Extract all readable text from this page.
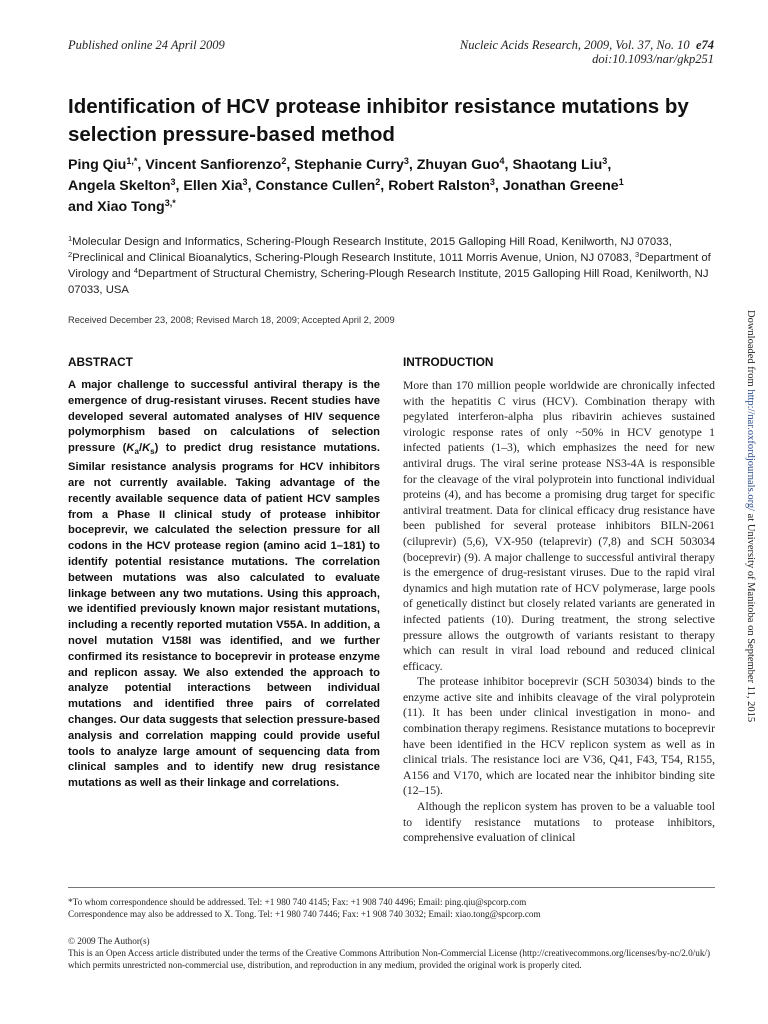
Published online 24 April 2009	Nucleic Acids Research, 2009, Vol. 37, No. 10 e74
doi:10.1093/nar/gkp251
Identification of HCV protease inhibitor resistance mutations by selection pressure-based method
Ping Qiu$^{1,*}$, Vincent Sanfiorenzo$^2$, Stephanie Curry$^3$, Zhuyan Guo$^4$, Shaotang Liu$^3$,
Angela Skelton$^3$, Ellen Xia$^3$, Constance Cullen$^2$, Robert Ralston$^3$, Jonathan Greene$^1$
and Xiao Tong$^{3,*}$
$^1$Molecular Design and Informatics, Schering-Plough Research Institute, 2015 Galloping Hill Road, Kenilworth, NJ 07033, $^2$Preclinical and Clinical Bioanalytics, Schering-Plough Research Institute, 1011 Morris Avenue, Union, NJ 07083, $^3$Department of Virology and $^4$Department of Structural Chemistry, Schering-Plough Research Institute, 2015 Galloping Hill Road, Kenilworth, NJ 07033, USA
Received December 23, 2008; Revised March 18, 2009; Accepted April 2, 2009
ABSTRACT
A major challenge to successful antiviral therapy is the emergence of drug-resistant viruses. Recent studies have developed several automated analyses of HIV sequence polymorphism based on calculations of selection pressure $(K_a/K_s)$ to predict drug resistance mutations. Similar resistance analysis programs for HCV inhibitors are not currently available. Taking advantage of the recently available sequence data of patient HCV samples from a Phase II clinical study of protease inhibitor boceprevir, we calculated the selection pressure for all codons in the HCV protease region (amino acid 1–181) to identify potential resistance mutations. The correlation between mutations was also calculated to evaluate linkage between any two mutations. Using this approach, we identified previously known major resistant mutations, including a recently reported mutation V55A. In addition, a novel mutation V158I was identified, and we further confirmed its resistance to boceprevir in protease enzyme and replicon assay. We also extended the approach to analyze potential interactions between individual mutations and identified three pairs of correlated changes. Our data suggests that selection pressure-based analysis and correlation mapping could provide useful tools to analyze large amount of sequencing data from clinical samples and to identify new drug resistance mutations as well as their linkage and correlations.
INTRODUCTION

More than 170 million people worldwide are chronically infected with the hepatitis C virus (HCV). Combination therapy with pegylated interferon-alpha plus ribavirin achieves sustained virologic response rates of only ~50% in HCV genotype 1 infected patients (1–3), which emphasizes the need for new antiviral drugs. The viral serine protease NS3-4A is responsible for the cleavage of the viral polyprotein into functional individual proteins (4), and has become a promising drug target for specific antiviral treatment. Data for clinical efficacy drug resistance have been published for several protease inhibitors BILN-2061 (ciluprevir) (5,6), VX-950 (telaprevir) (7,8) and SCH 503034 (boceprevir) (9). A major challenge to successful antiviral therapy is the emergence of drug-resistant viruses. Due to the rapid viral dynamics and high mutation rate of HCV polymerase, large pools of genetically distinct but closely related variants are generated in infected patients (10). During treatment, the strong selective pressure allows the outgrowth of variants resistant to therapy which can result in viral load rebound and reduced clinical efficacy.

The protease inhibitor boceprevir (SCH 503034) binds to the enzyme active site and inhibits cleavage of the viral polyprotein (11). It has been under clinical investigation in mono- and combination therapy regimens. Resistance mutations to boceprevir have been identified in the HCV replicon system as well as in clinical trials. The resistance loci are V36, Q41, F43, T54, R155, A156 and V170, which are located near the inhibitor binding site (12–15).

Although the replicon system has proven to be a valuable tool to identify resistance mutations to protease inhibitors, comprehensive evaluation of clinical

Downloaded from http://nar.oxfordjournals.org/ at University of Manitoba on September 11, 2015
*To whom correspondence should be addressed. Tel: +1 980 740 4145; Fax: +1 908 740 4496; Email: ping.qiu@spcorp.com
Correspondence may also be addressed to X. Tong. Tel: +1 980 740 7446; Fax: +1 908 740 3032; Email: xiao.tong@spcorp.com
© 2009 The Author(s)
This is an Open Access article distributed under the terms of the Creative Commons Attribution Non-Commercial License (http://creativecommons.org/licenses/by-nc/2.0/uk/) which permits unrestricted non-commercial use, distribution, and reproduction in any medium, provided the original work is properly cited.
